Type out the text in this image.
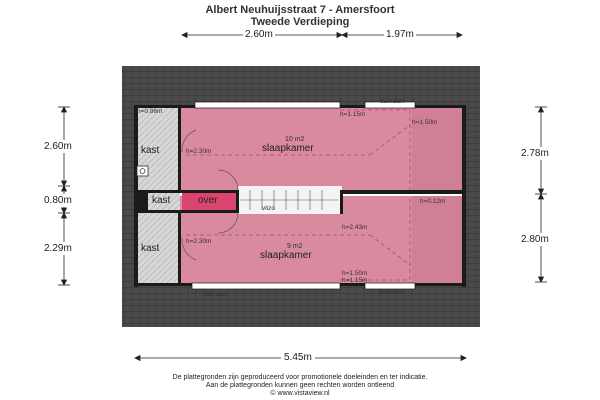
Albert Neuhuijsstraat 7 - Amersfoort
Tweede Verdieping
2.60m	1.97m
2.60m
0.80m
2.29m
2.78m
2.80m
5.45m
10 m2
slaapkamer
9 m2
slaapkamer
kast
kast
kast
over
h=0.86m
h=2.30m
h=1.15m
h=1.50m
h=0.12m
h=2.43m
h=2.30m
h=1.50m
h=1.15m
vlizo
dakraam
dakraam	dakraam
De plattegronden zijn geproduceerd voor promotionele doeleinden en ter indicatie.
Aan de plattegronden kunnen geen rechten worden ontleend
© www.vistaview.nl
